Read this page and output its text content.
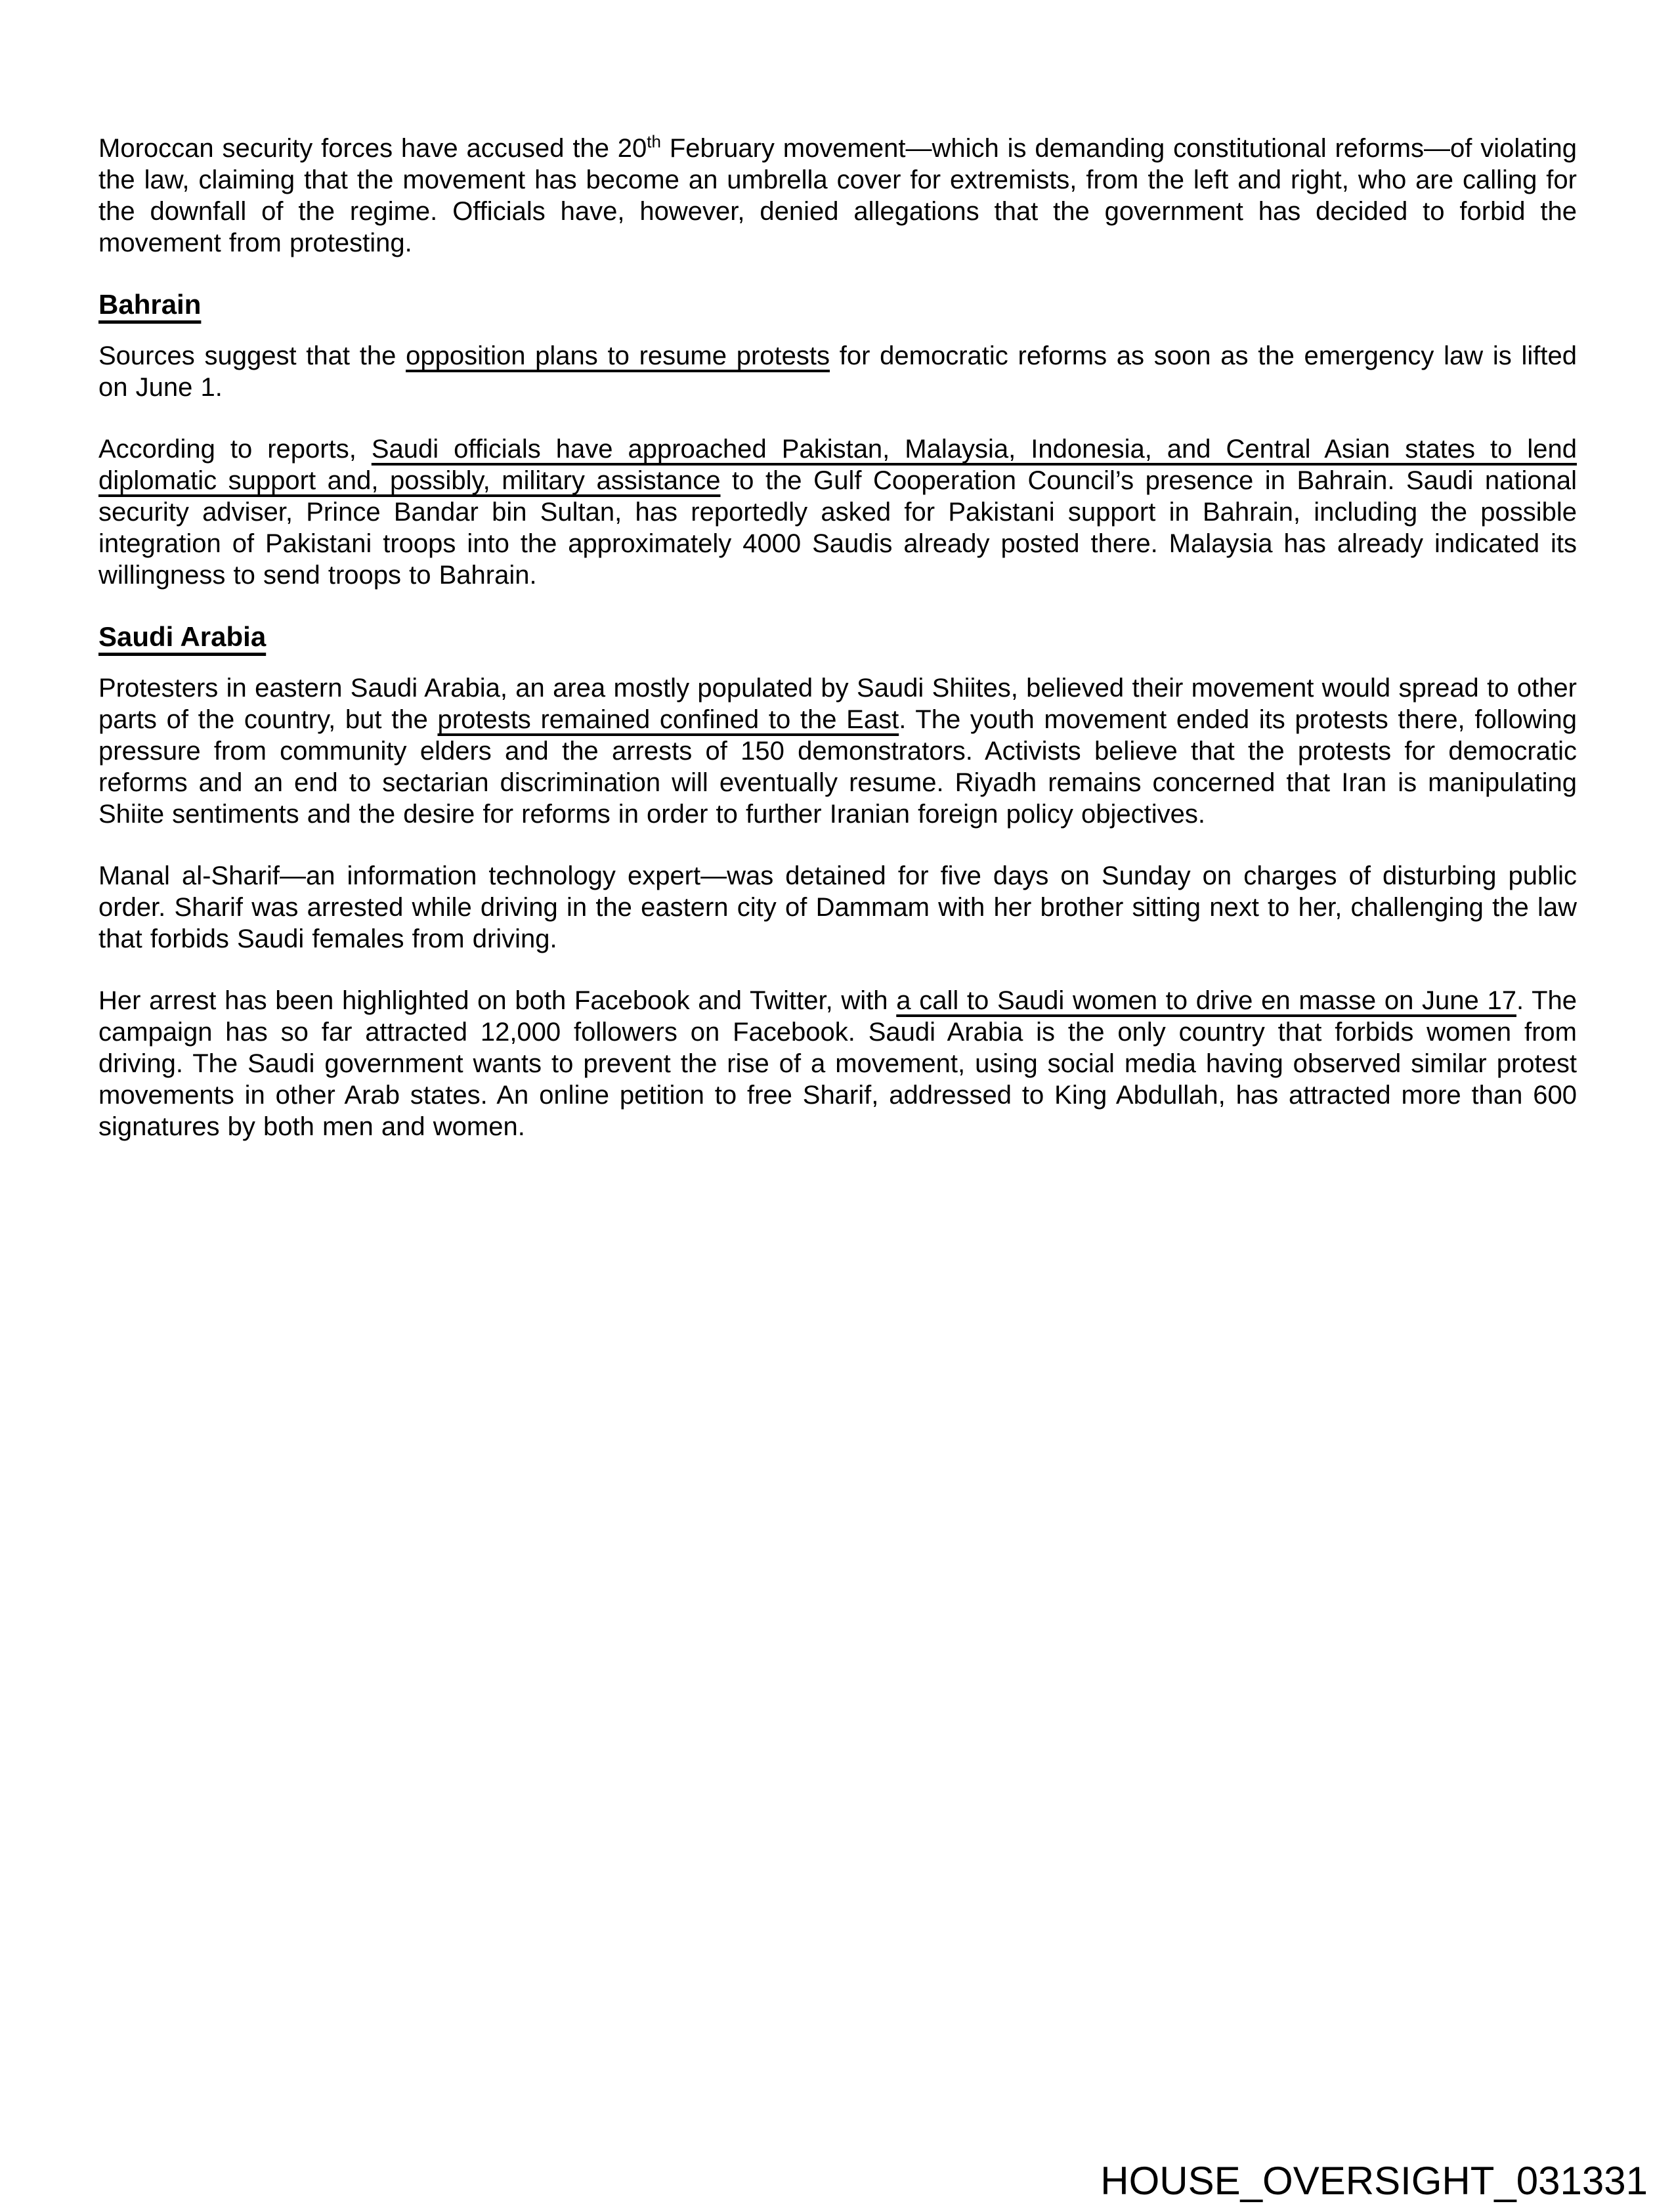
Moroccan security forces have accused the 20th February movement—which is demanding constitutional reforms—of violating the law, claiming that the movement has become an umbrella cover for extremists, from the left and right, who are calling for the downfall of the regime. Officials have, however, denied allegations that the government has decided to forbid the movement from protesting.

Bahrain

Sources suggest that the opposition plans to resume protests for democratic reforms as soon as the emergency law is lifted on June 1.

According to reports, Saudi officials have approached Pakistan, Malaysia, Indonesia, and Central Asian states to lend diplomatic support and, possibly, military assistance to the Gulf Cooperation Council’s presence in Bahrain. Saudi national security adviser, Prince Bandar bin Sultan, has reportedly asked for Pakistani support in Bahrain, including the possible integration of Pakistani troops into the approximately 4000 Saudis already posted there. Malaysia has already indicated its willingness to send troops to Bahrain.

Saudi Arabia

Protesters in eastern Saudi Arabia, an area mostly populated by Saudi Shiites, believed their movement would spread to other parts of the country, but the protests remained confined to the East. The youth movement ended its protests there, following pressure from community elders and the arrests of 150 demonstrators. Activists believe that the protests for democratic reforms and an end to sectarian discrimination will eventually resume. Riyadh remains concerned that Iran is manipulating Shiite sentiments and the desire for reforms in order to further Iranian foreign policy objectives.

Manal al-Sharif—an information technology expert—was detained for five days on Sunday on charges of disturbing public order. Sharif was arrested while driving in the eastern city of Dammam with her brother sitting next to her, challenging the law that forbids Saudi females from driving.

Her arrest has been highlighted on both Facebook and Twitter, with a call to Saudi women to drive en masse on June 17. The campaign has so far attracted 12,000 followers on Facebook. Saudi Arabia is the only country that forbids women from driving. The Saudi government wants to prevent the rise of a movement, using social media having observed similar protest movements in other Arab states. An online petition to free Sharif, addressed to King Abdullah, has attracted more than 600 signatures by both men and women.

HOUSE_OVERSIGHT_031331
